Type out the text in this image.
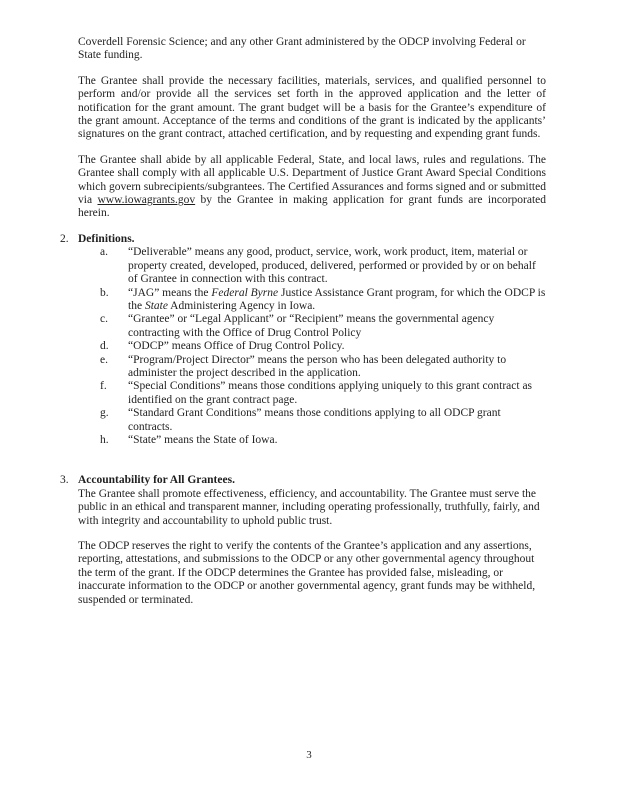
Coverdell Forensic Science; and any other Grant administered by the ODCP involving Federal or State funding.

The Grantee shall provide the necessary facilities, materials, services, and qualified personnel to perform and/or provide all the services set forth in the approved application and the letter of notification for the grant amount. The grant budget will be a basis for the Grantee’s expenditure of the grant amount. Acceptance of the terms and conditions of the grant is indicated by the applicants’ signatures on the grant contract, attached certification, and by requesting and expending grant funds.

The Grantee shall abide by all applicable Federal, State, and local laws, rules and regulations. The Grantee shall comply with all applicable U.S. Department of Justice Grant Award Special Conditions which govern subrecipients/subgrantees. The Certified Assurances and forms signed and or submitted via www.iowagrants.gov by the Grantee in making application for grant funds are incorporated herein.

2. Definitions.
a.	“Deliverable” means any good, product, service, work, work product, item, material or property created, developed, produced, delivered, performed or provided by or on behalf of Grantee in connection with this contract.
b.	“JAG” means the Federal Byrne Justice Assistance Grant program, for which the ODCP is the State Administering Agency in Iowa.
c.	“Grantee” or “Legal Applicant” or “Recipient” means the governmental agency contracting with the Office of Drug Control Policy
d.	“ODCP” means Office of Drug Control Policy.
e.	“Program/Project Director” means the person who has been delegated authority to administer the project described in the application.
f.	“Special Conditions” means those conditions applying uniquely to this grant contract as identified on the grant contract page.
g.	“Standard Grant Conditions” means those conditions applying to all ODCP grant contracts.
h.	“State” means the State of Iowa.
3. Accountability for All Grantees.

The Grantee shall promote effectiveness, efficiency, and accountability. The Grantee must serve the public in an ethical and transparent manner, including operating professionally, truthfully, fairly, and with integrity and accountability to uphold public trust.

The ODCP reserves the right to verify the contents of the Grantee’s application and any assertions, reporting, attestations, and submissions to the ODCP or any other governmental agency throughout the term of the grant. If the ODCP determines the Grantee has provided false, misleading, or inaccurate information to the ODCP or another governmental agency, grant funds may be withheld, suspended or terminated.

3
